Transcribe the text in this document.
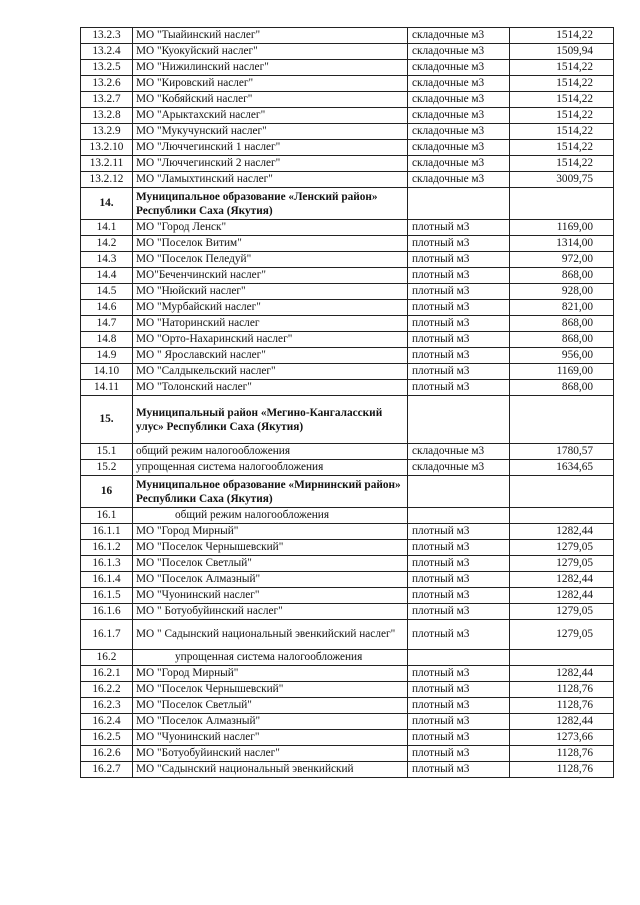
13.2.3	МО "Тыайинский наслег"	складочные м3	1514,22
13.2.4	МО "Куокуйский наслег"	складочные м3	1509,94
13.2.5	МО "Нижилинский наслег"	складочные м3	1514,22
13.2.6	МО "Кировский наслег"	складочные м3	1514,22
13.2.7	МО "Кобяйский наслег"	складочные м3	1514,22
13.2.8	МО "Арыктахский наслег"	складочные м3	1514,22
13.2.9	МО "Мукучунский наслег"	складочные м3	1514,22
13.2.10	МО "Люччегинский 1 наслег"	складочные м3	1514,22
13.2.11	МО "Люччегинский 2 наслег"	складочные м3	1514,22
13.2.12	МО "Ламыхтинский наслег"	складочные м3	3009,75
14.	Муниципальное образование «Ленский район» Республики Саха (Якутия)		
14.1	МО "Город Ленск"	плотный м3	1169,00
14.2	МО "Поселок Витим"	плотный м3	1314,00
14.3	МО "Поселок Пеледуй"	плотный м3	972,00
14.4	МО"Беченчинский наслег"	плотный м3	868,00
14.5	МО "Нюйский наслег"	плотный м3	928,00
14.6	МО "Мурбайский наслег"	плотный м3	821,00
14.7	МО "Наторинский наслег	плотный м3	868,00
14.8	МО "Орто-Нахаринский наслег"	плотный м3	868,00
14.9	МО " Ярославский наслег"	плотный м3	956,00
14.10	МО "Салдыкельский наслег"	плотный м3	1169,00
14.11	МО "Толонский наслег"	плотный м3	868,00
15.	Муниципальный район «Мегино-Кангаласский улус» Республики Саха (Якутия)		
15.1	общий режим налогообложения	складочные м3	1780,57
15.2	упрощенная система налогообложения	складочные м3	1634,65
16	Муниципальное образование «Мирнинский район» Республики Саха (Якутия)		
16.1	общий режим налогообложения		
16.1.1	МО "Город Мирный"	плотный м3	1282,44
16.1.2	МО "Поселок Чернышевский"	плотный м3	1279,05
16.1.3	МО "Поселок Светлый"	плотный м3	1279,05
16.1.4	МО "Поселок Алмазный"	плотный м3	1282,44
16.1.5	МО "Чуонинский наслег"	плотный м3	1282,44
16.1.6	МО " Ботуобуйинский наслег"	плотный м3	1279,05
16.1.7	МО " Садынский национальный эвенкийский наслег"	плотный м3	1279,05
16.2	упрощенная система налогообложения		
16.2.1	МО "Город Мирный"	плотный м3	1282,44
16.2.2	МО "Поселок Чернышевский"	плотный м3	1128,76
16.2.3	МО "Поселок Светлый"	плотный м3	1128,76
16.2.4	МО "Поселок Алмазный"	плотный м3	1282,44
16.2.5	МО "Чуонинский наслег"	плотный м3	1273,66
16.2.6	МО "Ботуобуйинский наслег"	плотный м3	1128,76
16.2.7	МО "Садынский национальный эвенкийский	плотный м3	1128,76
